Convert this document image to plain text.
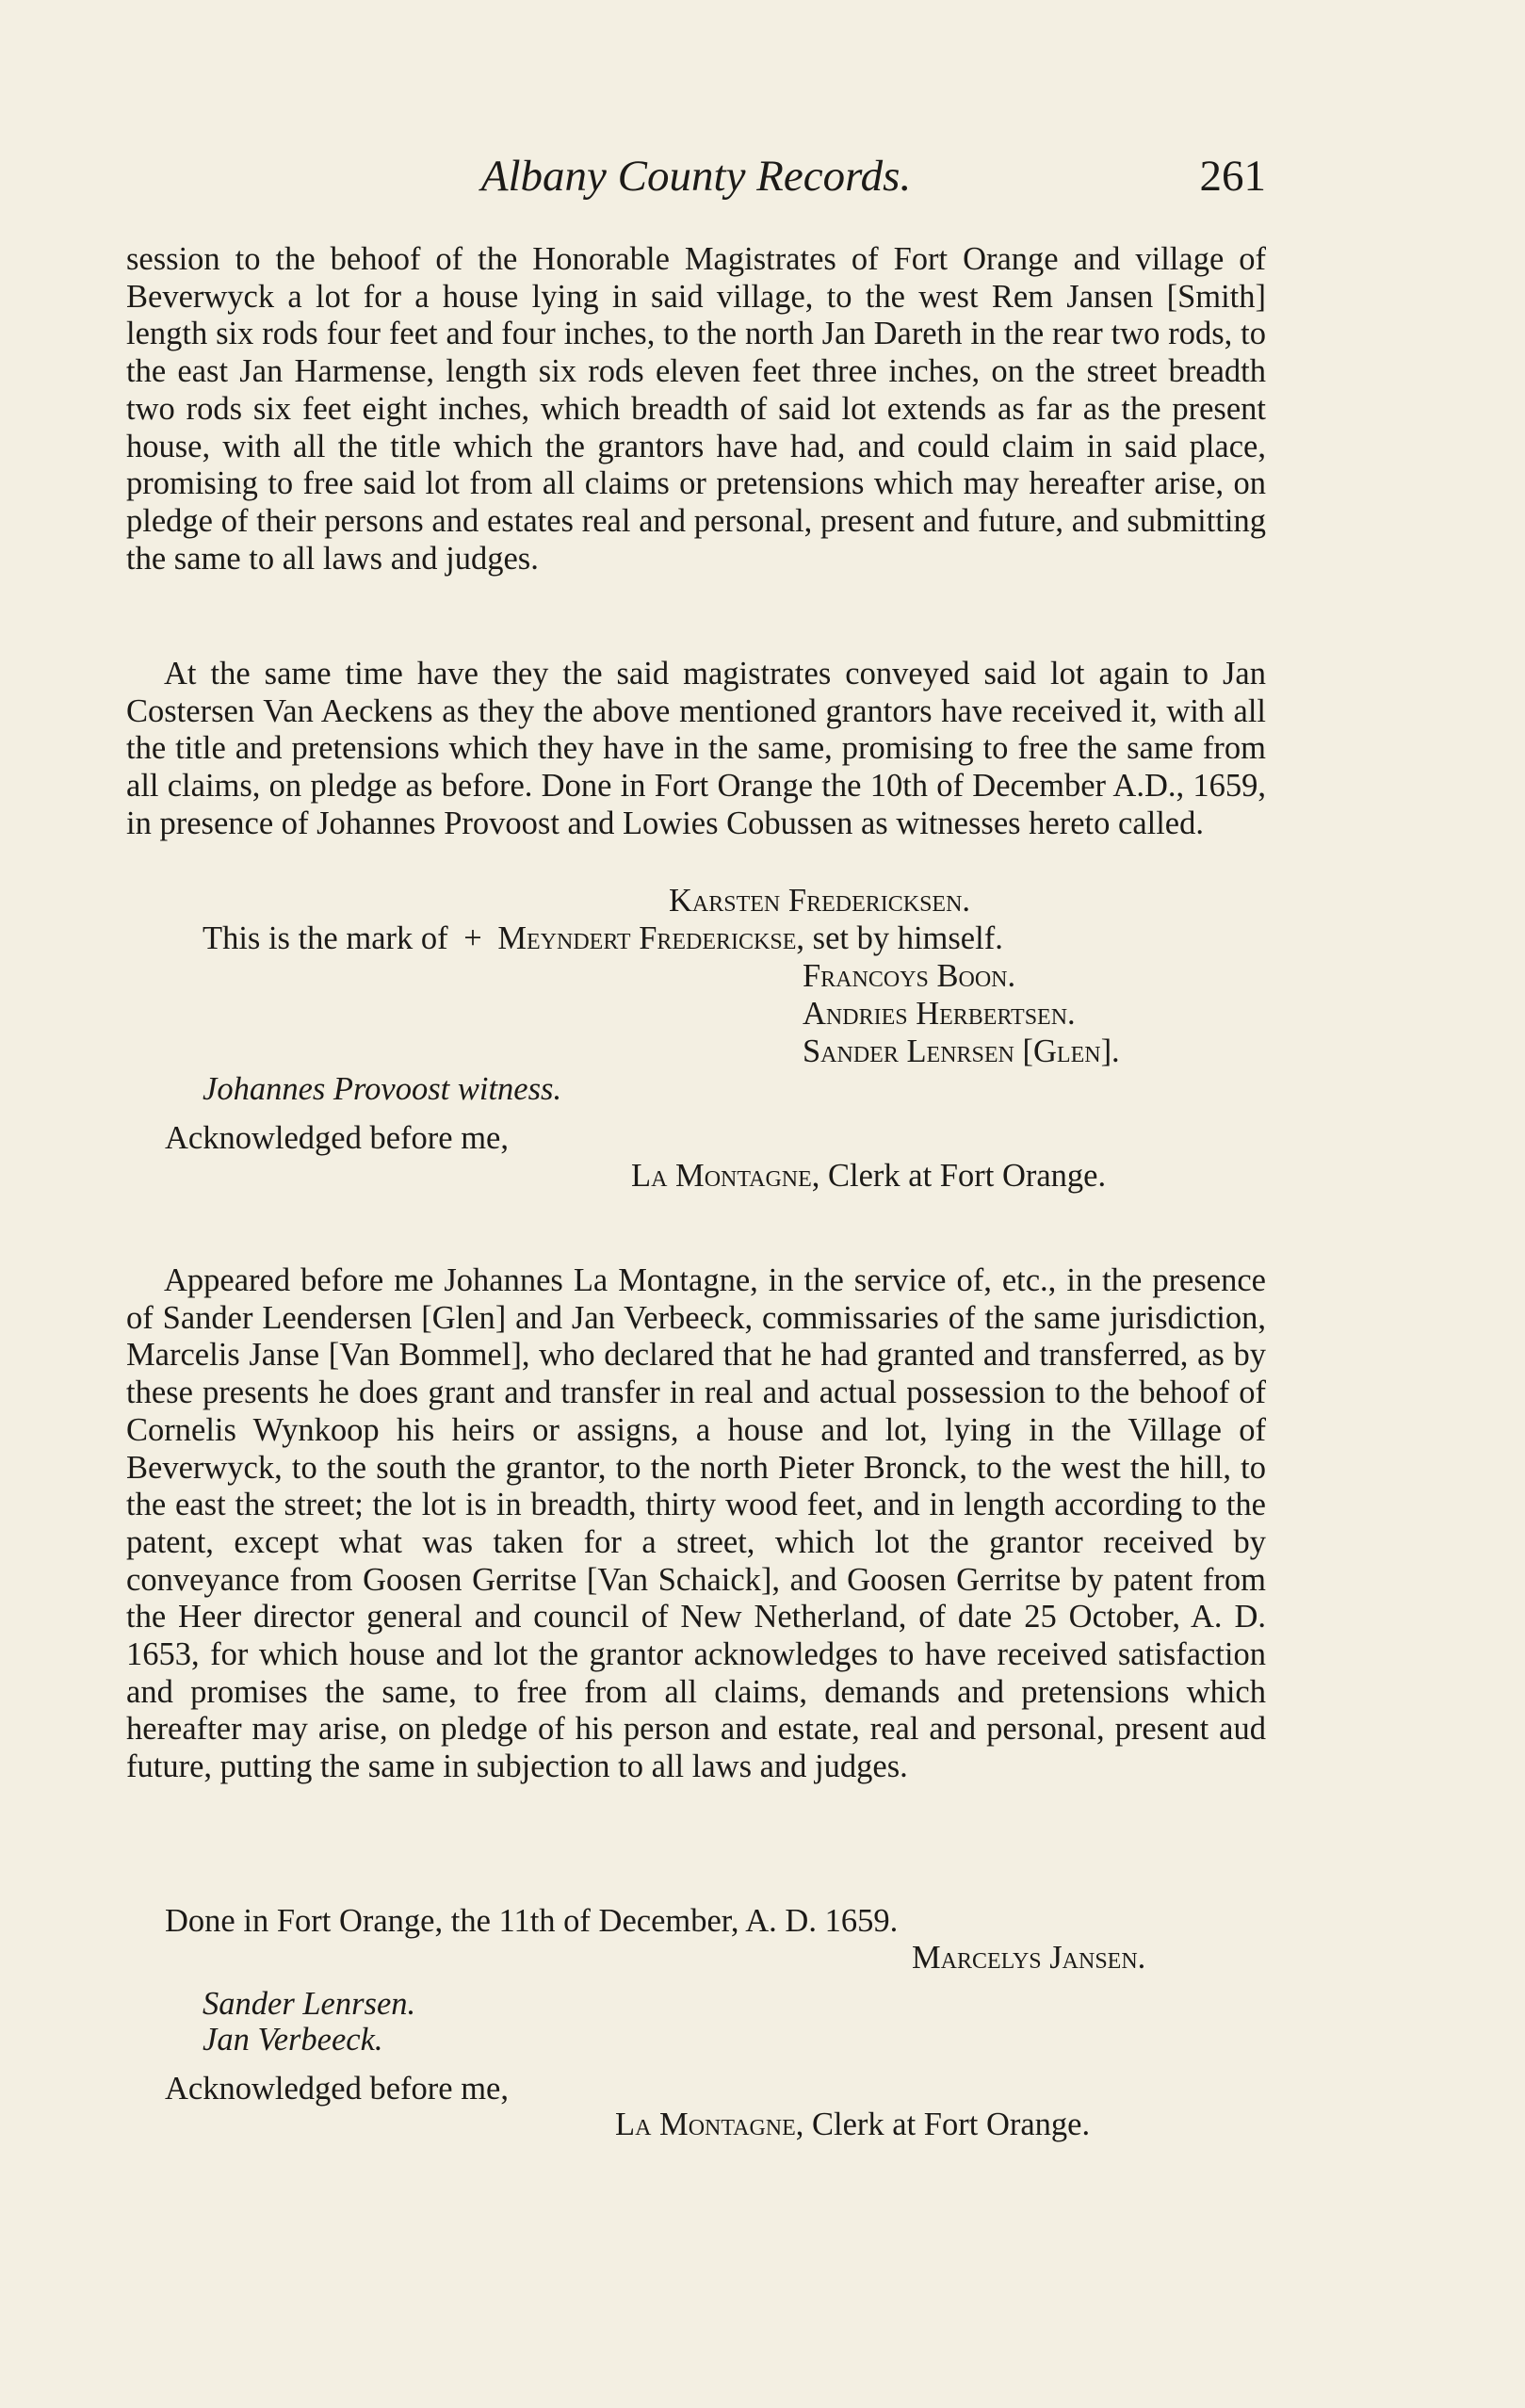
Albany County Records.	261
session to the behoof of the Honorable Magistrates of Fort Orange and village of Beverwyck a lot for a house lying in said village, to the west Rem Jansen [Smith] length six rods four feet and four inches, to the north Jan Dareth in the rear two rods, to the east Jan Harmense, length six rods eleven feet three inches, on the street breadth two rods six feet eight inches, which breadth of said lot extends as far as the present house, with all the title which the grantors have had, and could claim in said place, promising to free said lot from all claims or pretensions which may hereafter arise, on pledge of their persons and estates real and personal, present and future, and submitting the same to all laws and judges.
At the same time have they the said magistrates conveyed said lot again to Jan Costersen Van Aeckens as they the above mentioned grantors have received it, with all the title and pretensions which they have in the same, promising to free the same from all claims, on pledge as before. Done in Fort Orange the 10th of December A.D., 1659, in presence of Johannes Provoost and Lowies Cobussen as witnesses hereto called.
Karsten Fredericksen.
This is the mark of + Meyndert Frederickse, set by himself.
Francoys Boon.
Andries Herbertsen.
Sander Lenrsen [Glen].
Johannes Provoost witness.
Acknowledged before me,
La Montagne, Clerk at Fort Orange.
Appeared before me Johannes La Montagne, in the service of, etc., in the presence of Sander Leendersen [Glen] and Jan Verbeeck, commissaries of the same jurisdiction, Marcelis Janse [Van Bommel], who declared that he had granted and transferred, as by these presents he does grant and transfer in real and actual possession to the behoof of Cornelis Wynkoop his heirs or assigns, a house and lot, lying in the Village of Beverwyck, to the south the grantor, to the north Pieter Bronck, to the west the hill, to the east the street; the lot is in breadth, thirty wood feet, and in length according to the patent, except what was taken for a street, which lot the grantor received by conveyance from Goosen Gerritse [Van Schaick], and Goosen Gerritse by patent from the Heer director general and council of New Netherland, of date 25 October, A. D. 1653, for which house and lot the grantor acknowledges to have received satisfaction and promises the same, to free from all claims, demands and pretensions which hereafter may arise, on pledge of his person and estate, real and personal, present aud future, putting the same in subjection to all laws and judges.
Done in Fort Orange, the 11th of December, A. D. 1659.
Marcelys Jansen.
Sander Lenrsen.
Jan Verbeeck.
Acknowledged before me,
La Montagne, Clerk at Fort Orange.
